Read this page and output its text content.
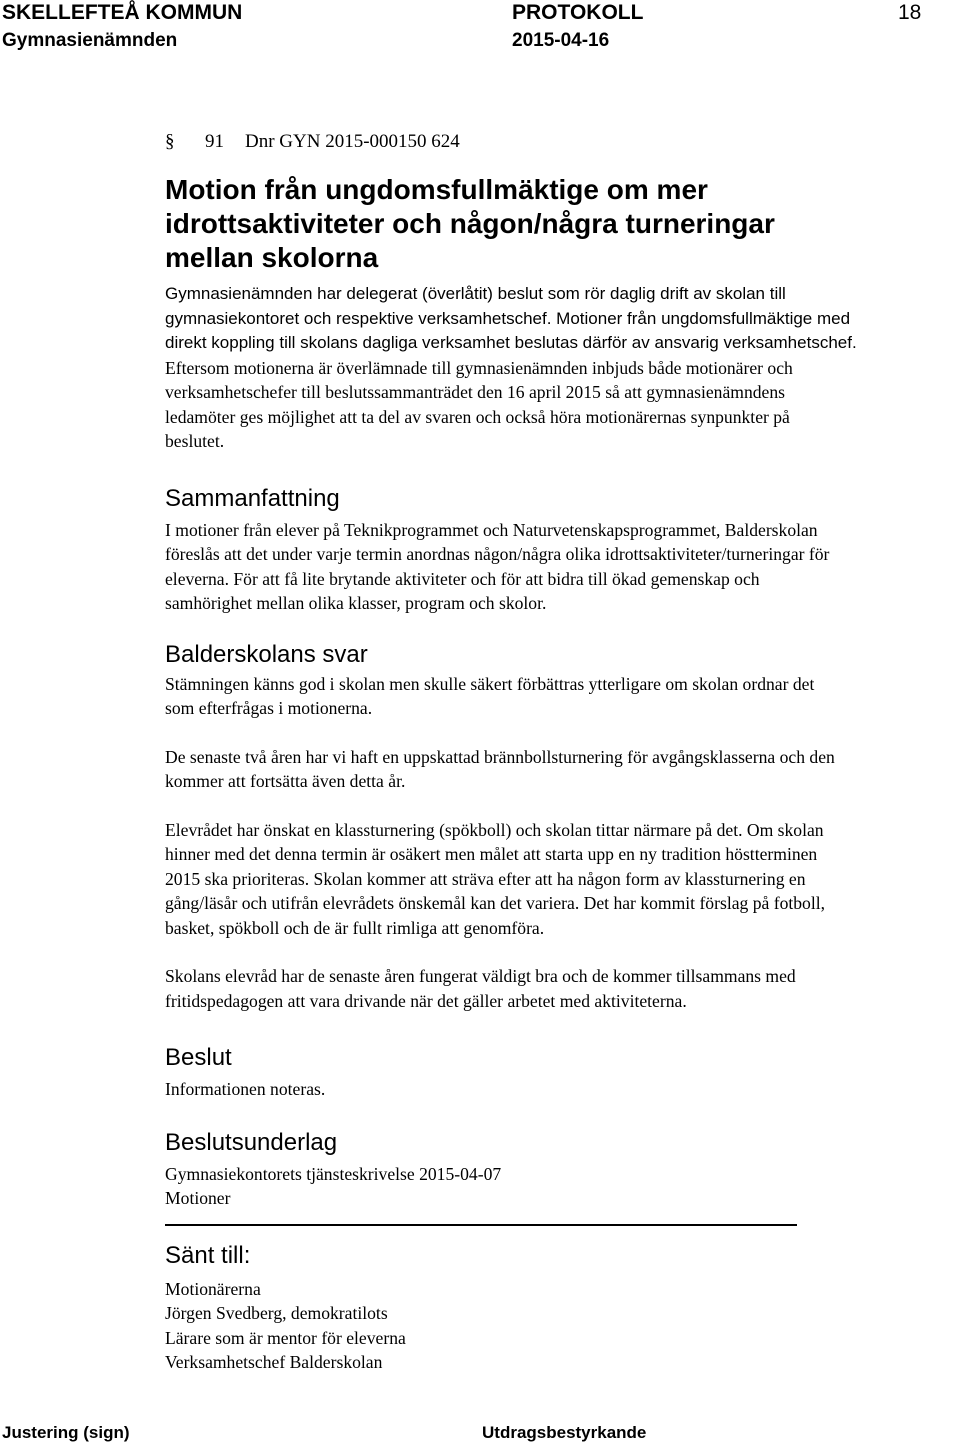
SKELLEFTEÅ KOMMUN	PROTOKOLL	18
Gymnasienämnden	2015-04-16
§ 91 Dnr GYN 2015-000150 624
Motion från ungdomsfullmäktige om mer
idrottsaktiviteter och någon/några turneringar
mellan skolorna
Gymnasienämnden har delegerat (överlåtit) beslut som rör daglig drift av skolan till
gymnasiekontoret och respektive verksamhetschef. Motioner från ungdomsfullmäktige med
direkt koppling till skolans dagliga verksamhet beslutas därför av ansvarig verksamhetschef.
Eftersom motionerna är överlämnade till gymnasienämnden inbjuds både motionärer och
verksamhetschefer till beslutssammanträdet den 16 april 2015 så att gymnasienämndens
ledamöter ges möjlighet att ta del av svaren och också höra motionärernas synpunkter på
beslutet.
Sammanfattning
I motioner från elever på Teknikprogrammet och Naturvetenskapsprogrammet, Balderskolan
föreslås att det under varje termin anordnas någon/några olika idrottsaktiviteter/turneringar för
eleverna. För att få lite brytande aktiviteter och för att bidra till ökad gemenskap och
samhörighet mellan olika klasser, program och skolor.
Balderskolans svar
Stämningen känns god i skolan men skulle säkert förbättras ytterligare om skolan ordnar det
som efterfrågas i motionerna.
De senaste två åren har vi haft en uppskattad brännbollsturnering för avgångsklasserna och den
kommer att fortsätta även detta år.
Elevrådet har önskat en klassturnering (spökboll) och skolan tittar närmare på det. Om skolan
hinner med det denna termin är osäkert men målet att starta upp en ny tradition höstterminen
2015 ska prioriteras. Skolan kommer att sträva efter att ha någon form av klassturnering en
gång/läsår och utifrån elevrådets önskemål kan det variera. Det har kommit förslag på fotboll,
basket, spökboll och de är fullt rimliga att genomföra.
Skolans elevråd har de senaste åren fungerat väldigt bra och de kommer tillsammans med
fritidspedagogen att vara drivande när det gäller arbetet med aktiviteterna.
Beslut
Informationen noteras.
Beslutsunderlag
Gymnasiekontorets tjänsteskrivelse 2015-04-07
Motioner
Sänt till:
Motionärerna
Jörgen Svedberg, demokratilots
Lärare som är mentor för eleverna
Verksamhetschef Balderskolan
Justering (sign)	Utdragsbestyrkande
